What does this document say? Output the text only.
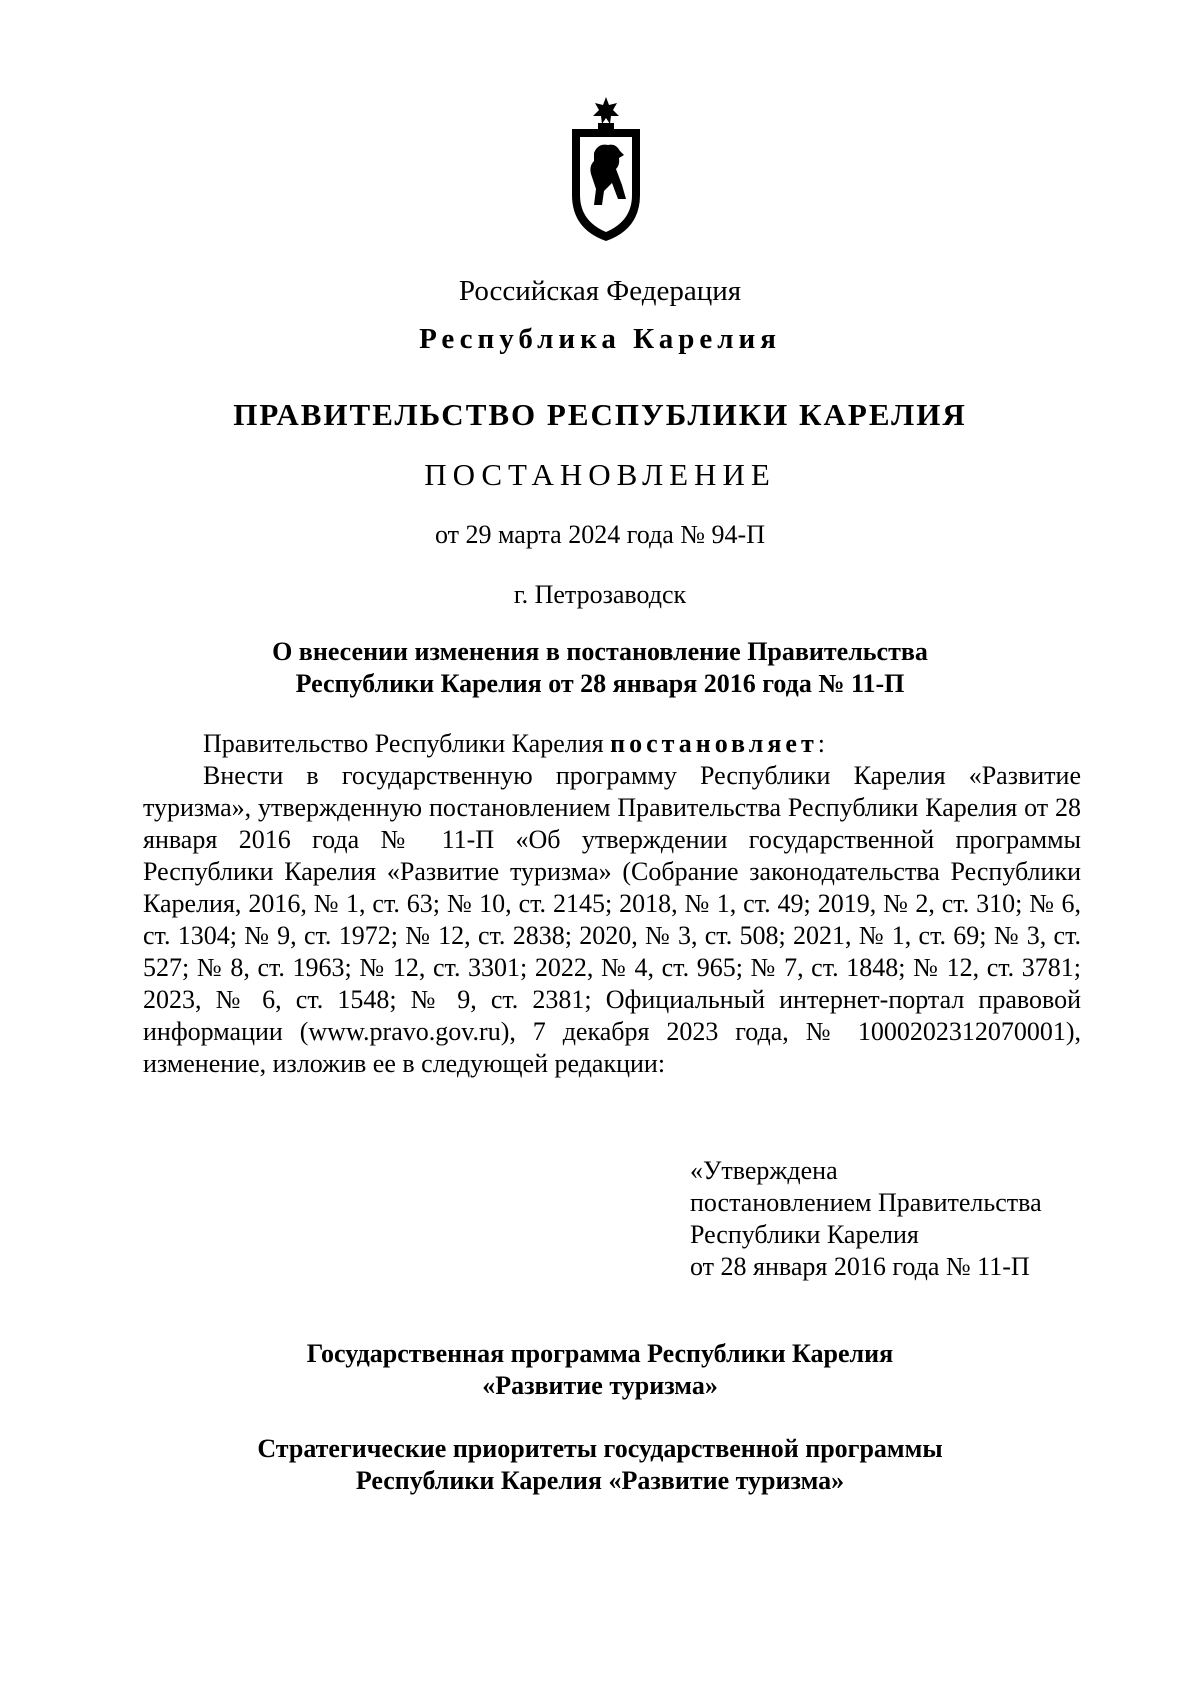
Российская Федерация
Республика Карелия
ПРАВИТЕЛЬСТВО РЕСПУБЛИКИ КАРЕЛИЯ
ПОСТАНОВЛЕНИЕ
от 29 марта 2024 года № 94-П
г. Петрозаводск
О внесении изменения в постановление Правительства
Республики Карелия от 28 января 2016 года № 11-П
Правительство Республики Карелия постановляет:
Внести в государственную программу Республики Карелия «Развитие туризма», утвержденную постановлением Правительства Республики Карелия от 28 января 2016 года № 11-П «Об утверждении государственной программы Республики Карелия «Развитие туризма» (Собрание законодательства Республики Карелия, 2016, № 1, ст. 63; № 10, ст. 2145; 2018, № 1, ст. 49; 2019, № 2, ст. 310; № 6, ст. 1304; № 9, ст. 1972; № 12, ст. 2838; 2020, № 3, ст. 508; 2021, № 1, ст. 69; № 3, ст. 527; № 8, ст. 1963; № 12, ст. 3301; 2022, № 4, ст. 965; № 7, ст. 1848; № 12, ст. 3781; 2023, № 6, ст. 1548; № 9, ст. 2381; Официальный интернет-портал правовой информации (www.pravo.gov.ru), 7 декабря 2023 года, № 1000202312070001), изменение, изложив ее в следующей редакции:
«Утверждена
постановлением Правительства
Республики Карелия
от 28 января 2016 года № 11-П
Государственная программа Республики Карелия
«Развитие туризма»
Стратегические приоритеты государственной программы
Республики Карелия «Развитие туризма»
